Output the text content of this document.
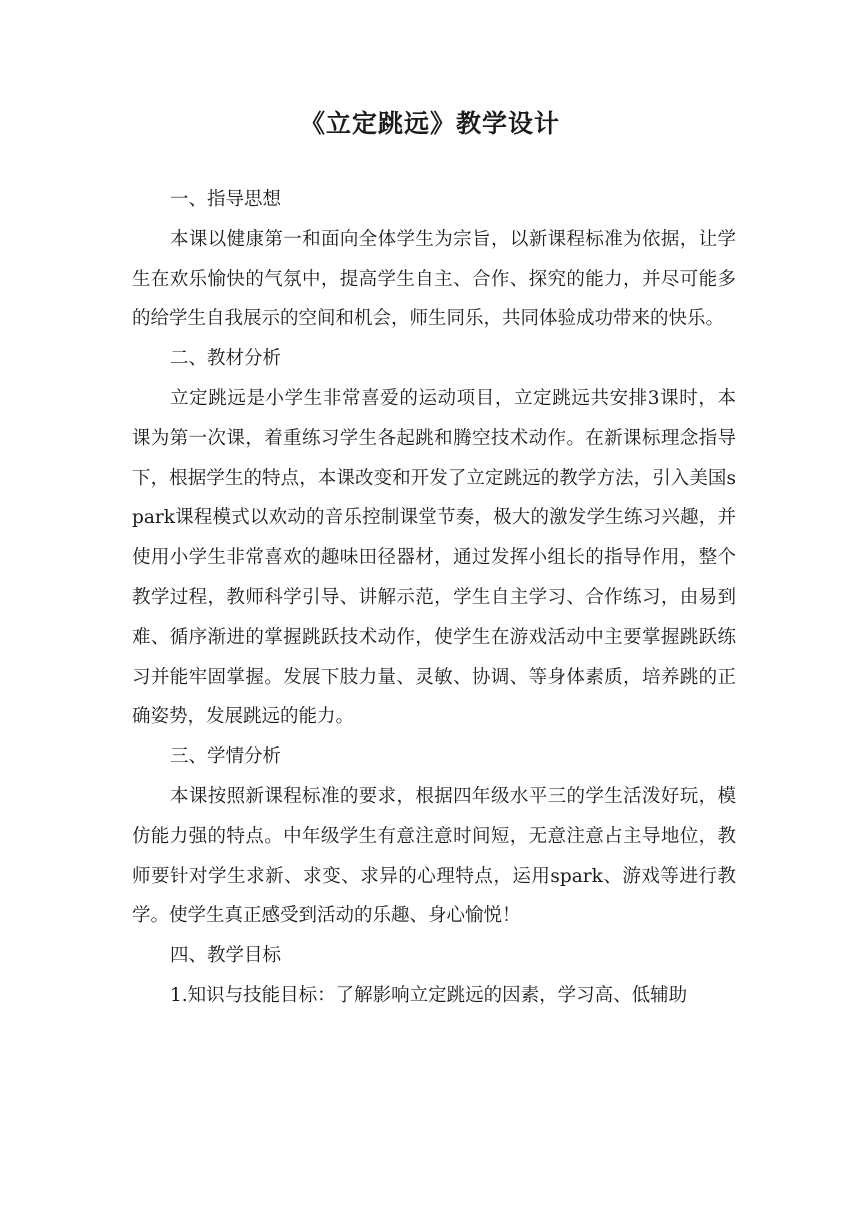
《立定跳远》教学设计

一、指导思想

本课以健康第一和面向全体学生为宗旨，以新课程标准为依据，让学生在欢乐愉快的气氛中，提高学生自主、合作、探究的能力，并尽可能多的给学生自我展示的空间和机会，师生同乐，共同体验成功带来的快乐。

二、教材分析

立定跳远是小学生非常喜爱的运动项目，立定跳远共安排3课时，本课为第一次课，着重练习学生各起跳和腾空技术动作。在新课标理念指导下，根据学生的特点，本课改变和开发了立定跳远的教学方法，引入美国spark课程模式以欢动的音乐控制课堂节奏，极大的激发学生练习兴趣，并使用小学生非常喜欢的趣味田径器材，通过发挥小组长的指导作用，整个教学过程，教师科学引导、讲解示范，学生自主学习、合作练习，由易到难、循序渐进的掌握跳跃技术动作，使学生在游戏活动中主要掌握跳跃练习并能牢固掌握。发展下肢力量、灵敏、协调、等身体素质，培养跳的正确姿势，发展跳远的能力。

三、学情分析

本课按照新课程标准的要求，根据四年级水平三的学生活泼好玩，模仿能力强的特点。中年级学生有意注意时间短，无意注意占主导地位，教师要针对学生求新、求变、求异的心理特点，运用spark、游戏等进行教学。使学生真正感受到活动的乐趣、身心愉悦！

四、教学目标

1.知识与技能目标：了解影响立定跳远的因素，学习高、低辅助
